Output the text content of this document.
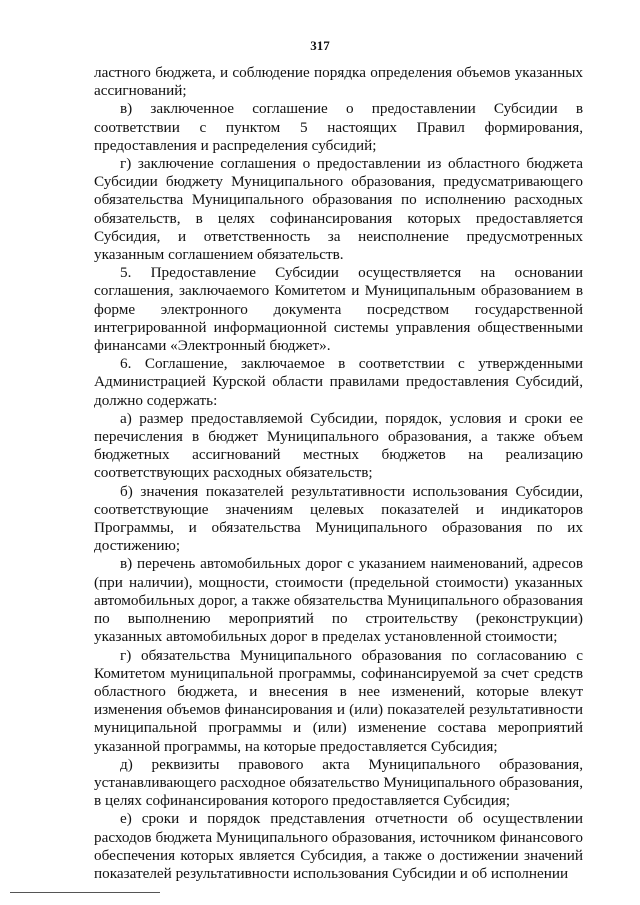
317

ластного бюджета, и соблюдение порядка определения объемов указанных ассигнований;

в) заключенное соглашение о предоставлении Субсидии в соответствии с пунктом 5 настоящих Правил формирования, предоставления и распределения субсидий;

г) заключение соглашения о предоставлении из областного бюджета Субсидии бюджету Муниципального образования, предусматривающего обязательства Муниципального образования по исполнению расходных обязательств, в целях софинансирования которых предоставляется Субсидия, и ответственность за неисполнение предусмотренных указанным соглашением обязательств.

5. Предоставление Субсидии осуществляется на основании соглашения, заключаемого Комитетом и Муниципальным образованием в форме электронного документа посредством государственной интегрированной информационной системы управления общественными финансами «Электронный бюджет».

6. Соглашение, заключаемое в соответствии с утвержденными Администрацией Курской области правилами предоставления Субсидий, должно содержать:

а) размер предоставляемой Субсидии, порядок, условия и сроки ее перечисления в бюджет Муниципального образования, а также объем бюджетных ассигнований местных бюджетов на реализацию соответствующих расходных обязательств;

б) значения показателей результативности использования Субсидии, соответствующие значениям целевых показателей и индикаторов Программы, и обязательства Муниципального образования по их достижению;

в) перечень автомобильных дорог с указанием наименований, адресов (при наличии), мощности, стоимости (предельной стоимости) указанных автомобильных дорог, а также обязательства Муниципального образования по выполнению мероприятий по строительству (реконструкции) указанных автомобильных дорог в пределах установленной стоимости;

г) обязательства Муниципального образования по согласованию с Комитетом муниципальной программы, софинансируемой за счет средств областного бюджета, и внесения в нее изменений, которые влекут изменения объемов финансирования и (или) показателей результативности муниципальной программы и (или) изменение состава мероприятий указанной программы, на которые предоставляется Субсидия;

д) реквизиты правового акта Муниципального образования, устанавливающего расходное обязательство Муниципального образования, в целях софинансирования которого предоставляется Субсидия;

е) сроки и порядок представления отчетности об осуществлении расходов бюджета Муниципального образования, источником финансового обеспечения которых является Субсидия, а также о достижении значений показателей результативности использования Субсидии и об исполнении
